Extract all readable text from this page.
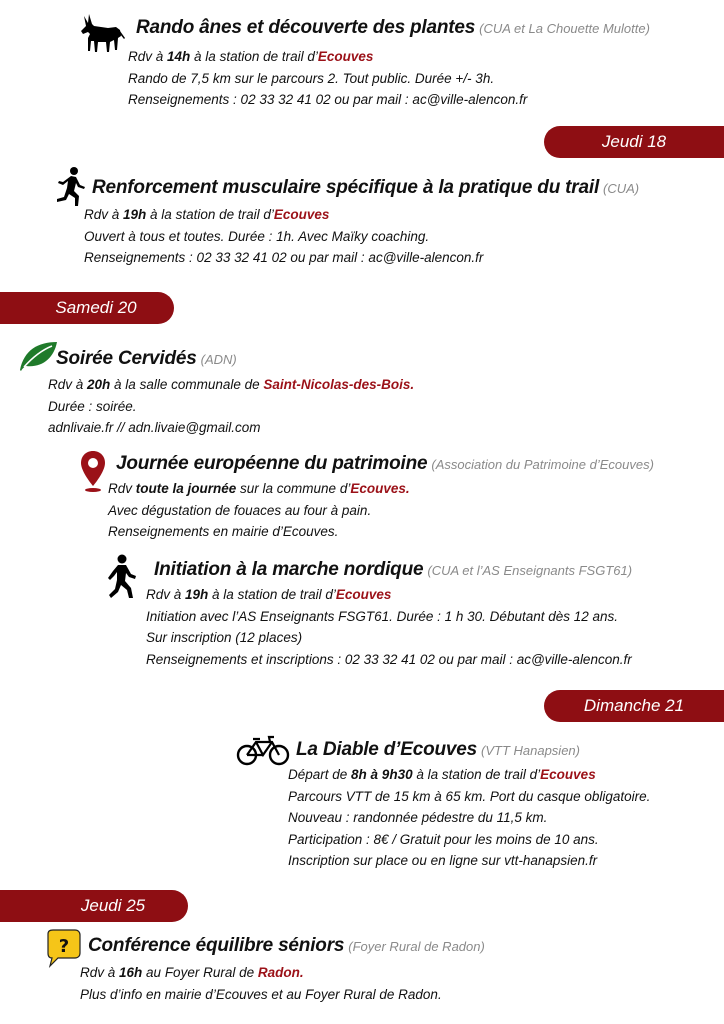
Rando ânes et découverte des plantes (CUA et La Chouette Mulotte)
Rdv à 14h à la station de trail d’Ecouves
Rando de 7,5 km sur le parcours 2. Tout public. Durée +/- 3h.
Renseignements : 02 33 32 41 02 ou par mail : ac@ville-alencon.fr
Jeudi 18
Renforcement musculaire spécifique à la pratique du trail (CUA)
Rdv à 19h à la station de trail d’Ecouves
Ouvert à tous et toutes. Durée : 1h. Avec Maïky coaching.
Renseignements : 02 33 32 41 02 ou par mail : ac@ville-alencon.fr
Samedi 20
Soirée Cervidés (ADN)
Rdv à 20h à la salle communale de Saint-Nicolas-des-Bois.
Durée : soirée.
adnlivaie.fr // adn.livaie@gmail.com
Journée européenne du patrimoine (Association du Patrimoine d’Ecouves)
Rdv toute la journée sur la commune d’Ecouves.
Avec dégustation de fouaces au four à pain.
Renseignements en mairie d’Ecouves.
Initiation à la marche nordique (CUA et l’AS Enseignants FSGT61)
Rdv à 19h à la station de trail d’Ecouves
Initiation avec l’AS Enseignants FSGT61. Durée : 1 h 30. Débutant dès 12 ans.
Sur inscription (12 places)
Renseignements et inscriptions : 02 33 32 41 02 ou par mail : ac@ville-alencon.fr
Dimanche 21
La Diable d’Ecouves (VTT Hanapsien)
Départ de 8h à 9h30 à la station de trail d’Ecouves
Parcours VTT de 15 km à 65 km. Port du casque obligatoire.
Nouveau : randonnée pédestre du 11,5 km.
Participation : 8€ / Gratuit pour les moins de 10 ans.
Inscription sur place ou en ligne sur vtt-hanapsien.fr
Jeudi 25
? Conférence équilibre séniors (Foyer Rural de Radon)
Rdv à 16h au Foyer Rural de Radon.
Plus d’info en mairie d’Ecouves et au Foyer Rural de Radon.
